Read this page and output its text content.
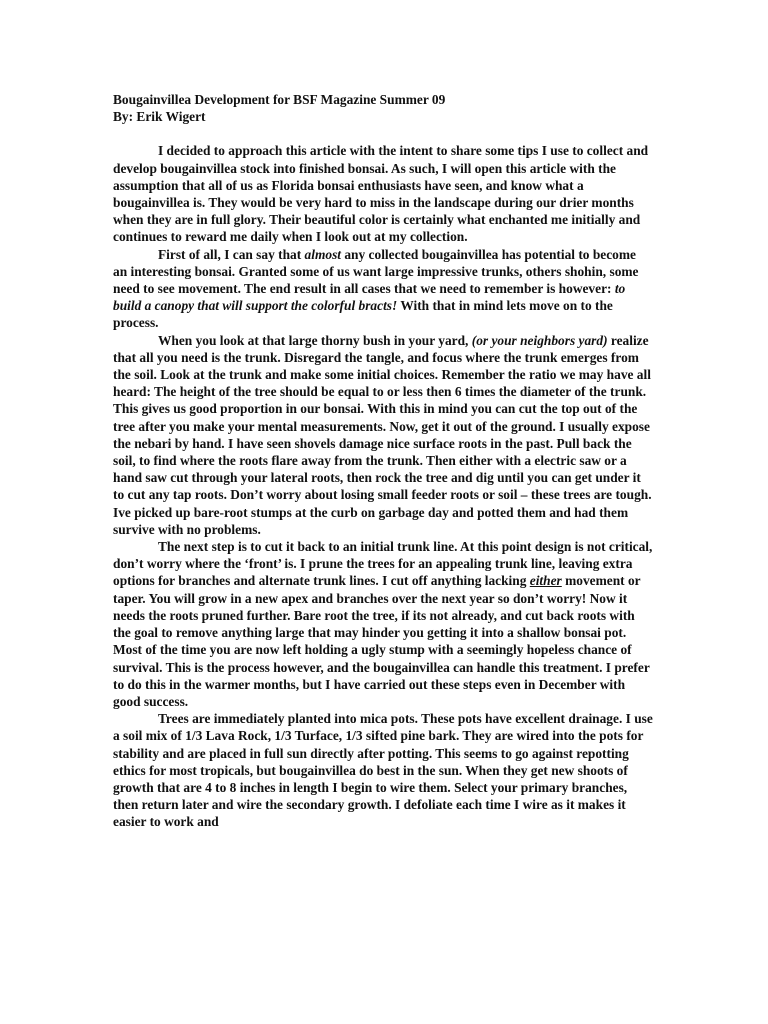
Bougainvillea Development for BSF Magazine Summer 09
By: Erik Wigert

I decided to approach this article with the intent to share some tips I use to collect and develop bougainvillea stock into finished bonsai. As such, I will open this article with the assumption that all of us as Florida bonsai enthusiasts have seen, and know what a bougainvillea is. They would be very hard to miss in the landscape during our drier months when they are in full glory. Their beautiful color is certainly what enchanted me initially and continues to reward me daily when I look out at my collection.

First of all, I can say that almost any collected bougainvillea has potential to become an interesting bonsai. Granted some of us want large impressive trunks, others shohin, some need to see movement. The end result in all cases that we need to remember is however: to build a canopy that will support the colorful bracts! With that in mind lets move on to the process.

When you look at that large thorny bush in your yard, (or your neighbors yard) realize that all you need is the trunk. Disregard the tangle, and focus where the trunk emerges from the soil. Look at the trunk and make some initial choices. Remember the ratio we may have all heard: The height of the tree should be equal to or less then 6 times the diameter of the trunk. This gives us good proportion in our bonsai. With this in mind you can cut the top out of the tree after you make your mental measurements. Now, get it out of the ground. I usually expose the nebari by hand. I have seen shovels damage nice surface roots in the past. Pull back the soil, to find where the roots flare away from the trunk. Then either with a electric saw or a hand saw cut through your lateral roots, then rock the tree and dig until you can get under it to cut any tap roots. Don’t worry about losing small feeder roots or soil – these trees are tough. Ive picked up bare-root stumps at the curb on garbage day and potted them and had them survive with no problems.

The next step is to cut it back to an initial trunk line. At this point design is not critical, don’t worry where the ‘front’ is. I prune the trees for an appealing trunk line, leaving extra options for branches and alternate trunk lines. I cut off anything lacking either movement or taper. You will grow in a new apex and branches over the next year so don’t worry! Now it needs the roots pruned further. Bare root the tree, if its not already, and cut back roots with the goal to remove anything large that may hinder you getting it into a shallow bonsai pot. Most of the time you are now left holding a ugly stump with a seemingly hopeless chance of survival. This is the process however, and the bougainvillea can handle this treatment. I prefer to do this in the warmer months, but I have carried out these steps even in December with good success.

Trees are immediately planted into mica pots. These pots have excellent drainage. I use a soil mix of 1/3 Lava Rock, 1/3 Turface, 1/3 sifted pine bark. They are wired into the pots for stability and are placed in full sun directly after potting. This seems to go against repotting ethics for most tropicals, but bougainvillea do best in the sun. When they get new shoots of growth that are 4 to 8 inches in length I begin to wire them. Select your primary branches, then return later and wire the secondary growth. I defoliate each time I wire as it makes it easier to work and
